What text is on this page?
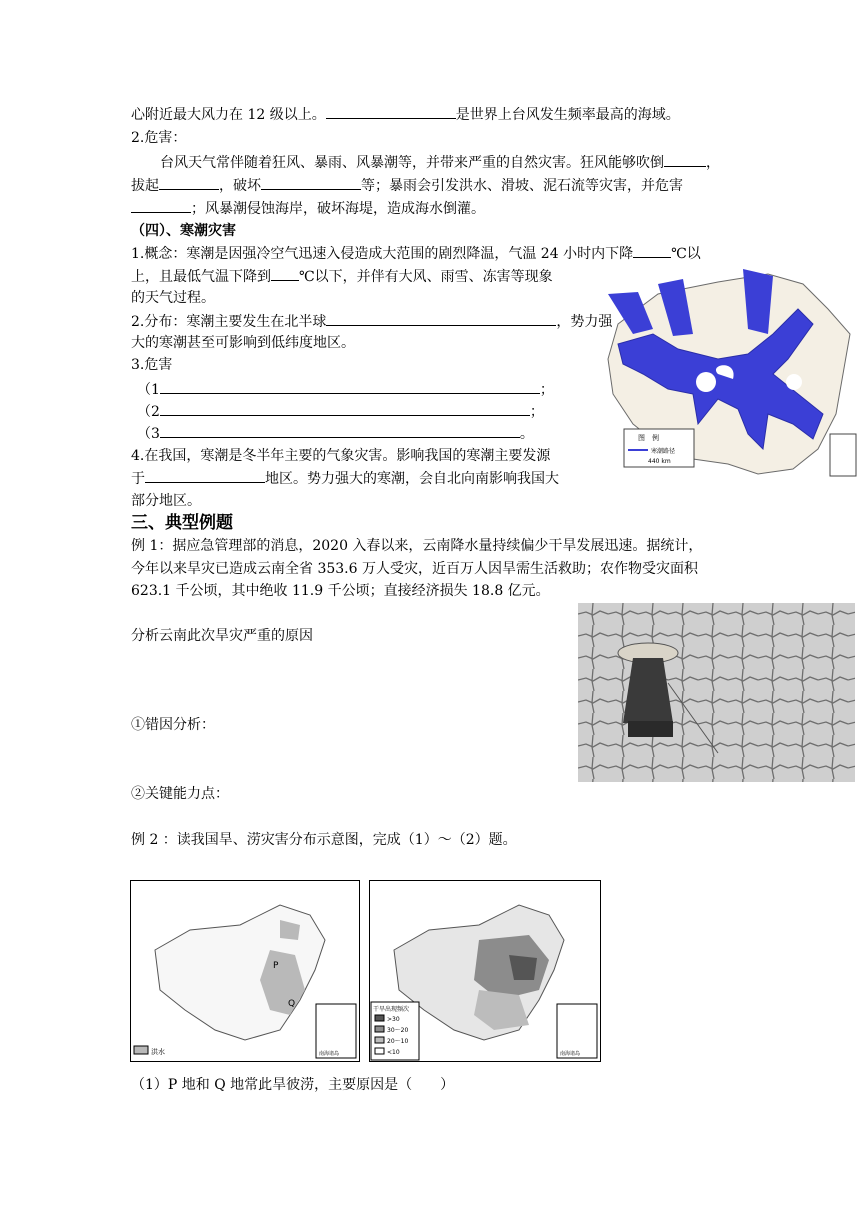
心附近最大风力在 12 级以上。	是世界上台风发生频率最高的海域。
2.危害：
台风天气常伴随着狂风、暴雨、风暴潮等，并带来严重的自然灾害。狂风能够吹倒	，
拔起	，破坏	等；暴雨会引发洪水、滑坡、泥石流等灾害，并危害
；风暴潮侵蚀海岸，破坏海堤，造成海水倒灌。
（四）、寒潮灾害
1.概念：寒潮是因强冷空气迅速入侵造成大范围的剧烈降温，气温 24 小时内下降	℃以
上，且最低气温下降到 ℃以下，并伴有大风、雨雪、冻害等现象
的天气过程。
2.分布：寒潮主要发生在北半球	，势力强
大的寒潮甚至可影响到低纬度地区。
3.危害
（1	；
（2	；
（3	。
4.在我国，寒潮是冬半年主要的气象灾害。影响我国的寒潮主要发源
于	地区。势力强大的寒潮，会自北向南影响我国大
部分地区。
三、典型例题
例 1：据应急管理部的消息，2020 入春以来，云南降水量持续偏少干旱发展迅速。据统计，
今年以来旱灾已造成云南全省 353.6 万人受灾，近百万人因旱需生活救助；农作物受灾面积
623.1 千公顷，其中绝收 11.9 千公顷；直接经济损失 18.8 亿元。
分析云南此次旱灾严重的原因
①错因分析：
②关键能力点：
例 2 ：读我国旱、涝灾害分布示意图，完成（1）～（2）题。
（1）P 地和 Q 地常此旱彼涝，主要原因是（　　）
图　例
寒潮路径
440 km
P
Q
南海诸岛
洪水
干旱出现频次
>30
30～20
20～10
<10	南海诸岛
